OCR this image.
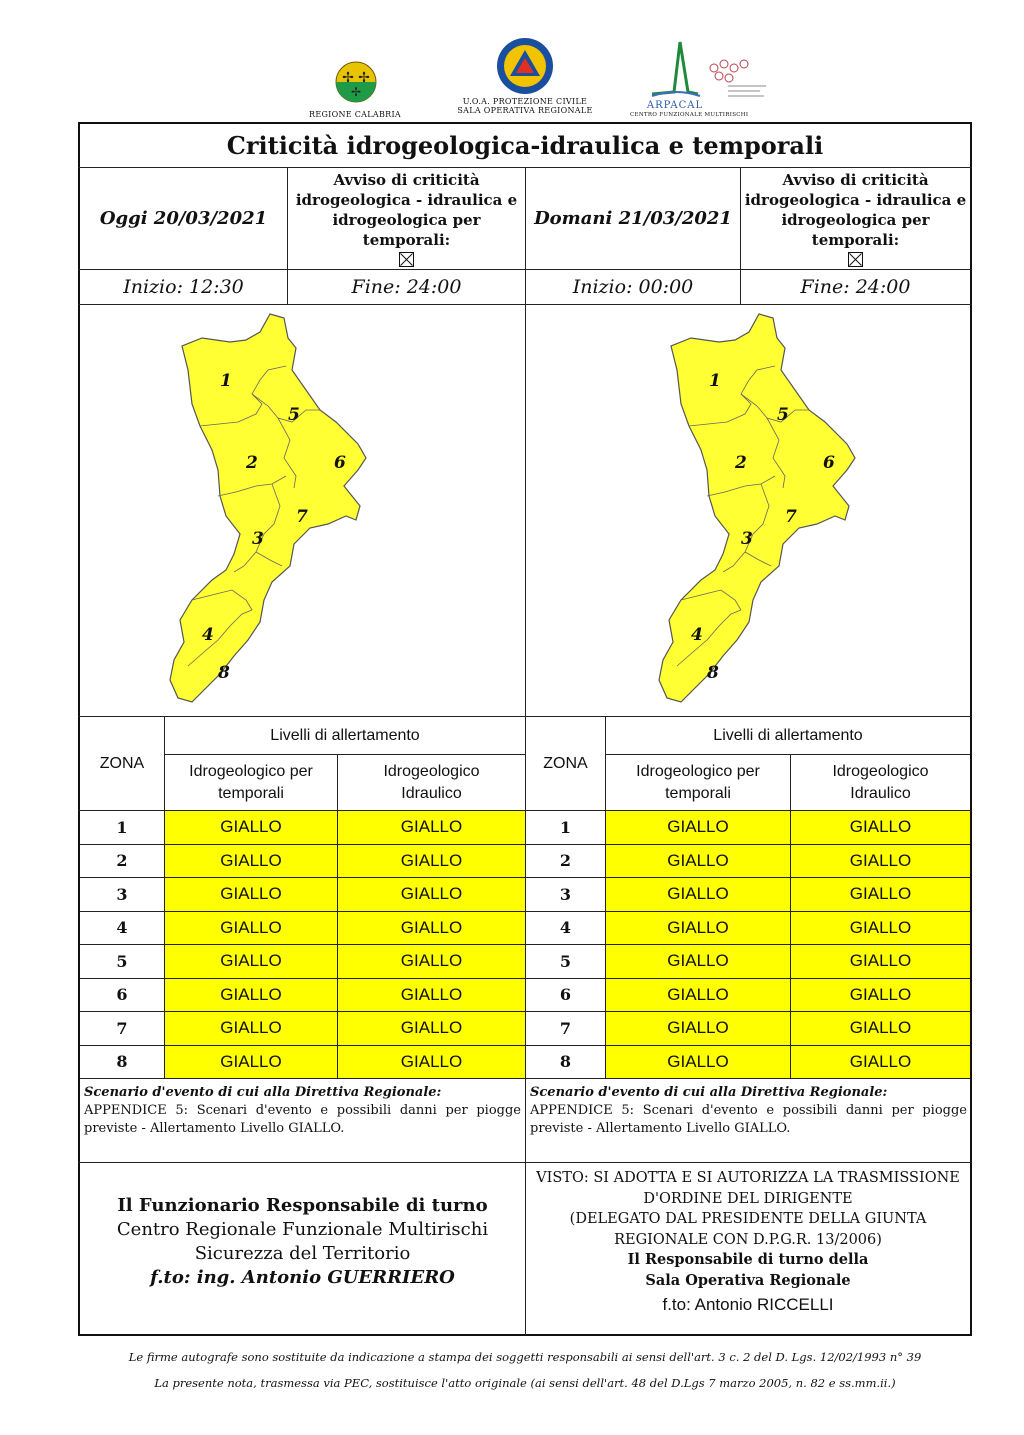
✢ ✢
✢
REGIONE CALABRIA
U.O.A. PROTEZIONE CIVILE
SALA OPERATIVA REGIONALE	ARPACAL
CENTRO FUNZIONALE MULTIRISCHI
Criticità idrogeologica-idraulica e temporali
Oggi 20/03/2021
Avviso di criticità
idrogeologica - idraulica e
idrogeologica per temporali:
Domani 21/03/2021
Avviso di criticità
idrogeologica - idraulica e
idrogeologica per temporali:
Inizio: 12:30	Fine: 24:00	Inizio: 00:00	Fine: 24:00
1
2
3
4
5
6
7
8
1
2
3
4
5
6
7
8
ZONA
Livelli di allertamento
Idrogeologico per
temporali
Idrogeologico
Idraulico
ZONA
Livelli di allertamento
Idrogeologico per
temporali
Idrogeologico
Idraulico
1	GIALLO	GIALLO	1	GIALLO	GIALLO
2	GIALLO	GIALLO	2	GIALLO	GIALLO
3	GIALLO	GIALLO	3	GIALLO	GIALLO
4	GIALLO	GIALLO	4	GIALLO	GIALLO
5	GIALLO	GIALLO	5	GIALLO	GIALLO
6	GIALLO	GIALLO	6	GIALLO	GIALLO
7	GIALLO	GIALLO	7	GIALLO	GIALLO
8	GIALLO	GIALLO	8	GIALLO	GIALLO
Scenario d'evento di cui alla Direttiva Regionale:
APPENDICE 5: Scenari d'evento e possibili danni per piogge previste - Allertamento Livello GIALLO.
Scenario d'evento di cui alla Direttiva Regionale:
APPENDICE 5: Scenari d'evento e possibili danni per piogge previste - Allertamento Livello GIALLO.
Il Funzionario Responsabile di turno
Centro Regionale Funzionale Multirischi
Sicurezza del Territorio
f.to: ing. Antonio GUERRIERO
VISTO: SI ADOTTA E SI AUTORIZZA LA TRASMISSIONE
D'ORDINE DEL DIRIGENTE
(DELEGATO DAL PRESIDENTE DELLA GIUNTA
REGIONALE CON D.P.G.R. 13/2006)
Il Responsabile di turno della
Sala Operativa Regionale
f.to: Antonio RICCELLI
Le firme autografe sono sostituite da indicazione a stampa dei soggetti responsabili ai sensi dell'art. 3 c. 2 del D. Lgs. 12/02/1993 n° 39
La presente nota, trasmessa via PEC, sostituisce l'atto originale (ai sensi dell'art. 48 del D.Lgs 7 marzo 2005, n. 82 e ss.mm.ii.)
